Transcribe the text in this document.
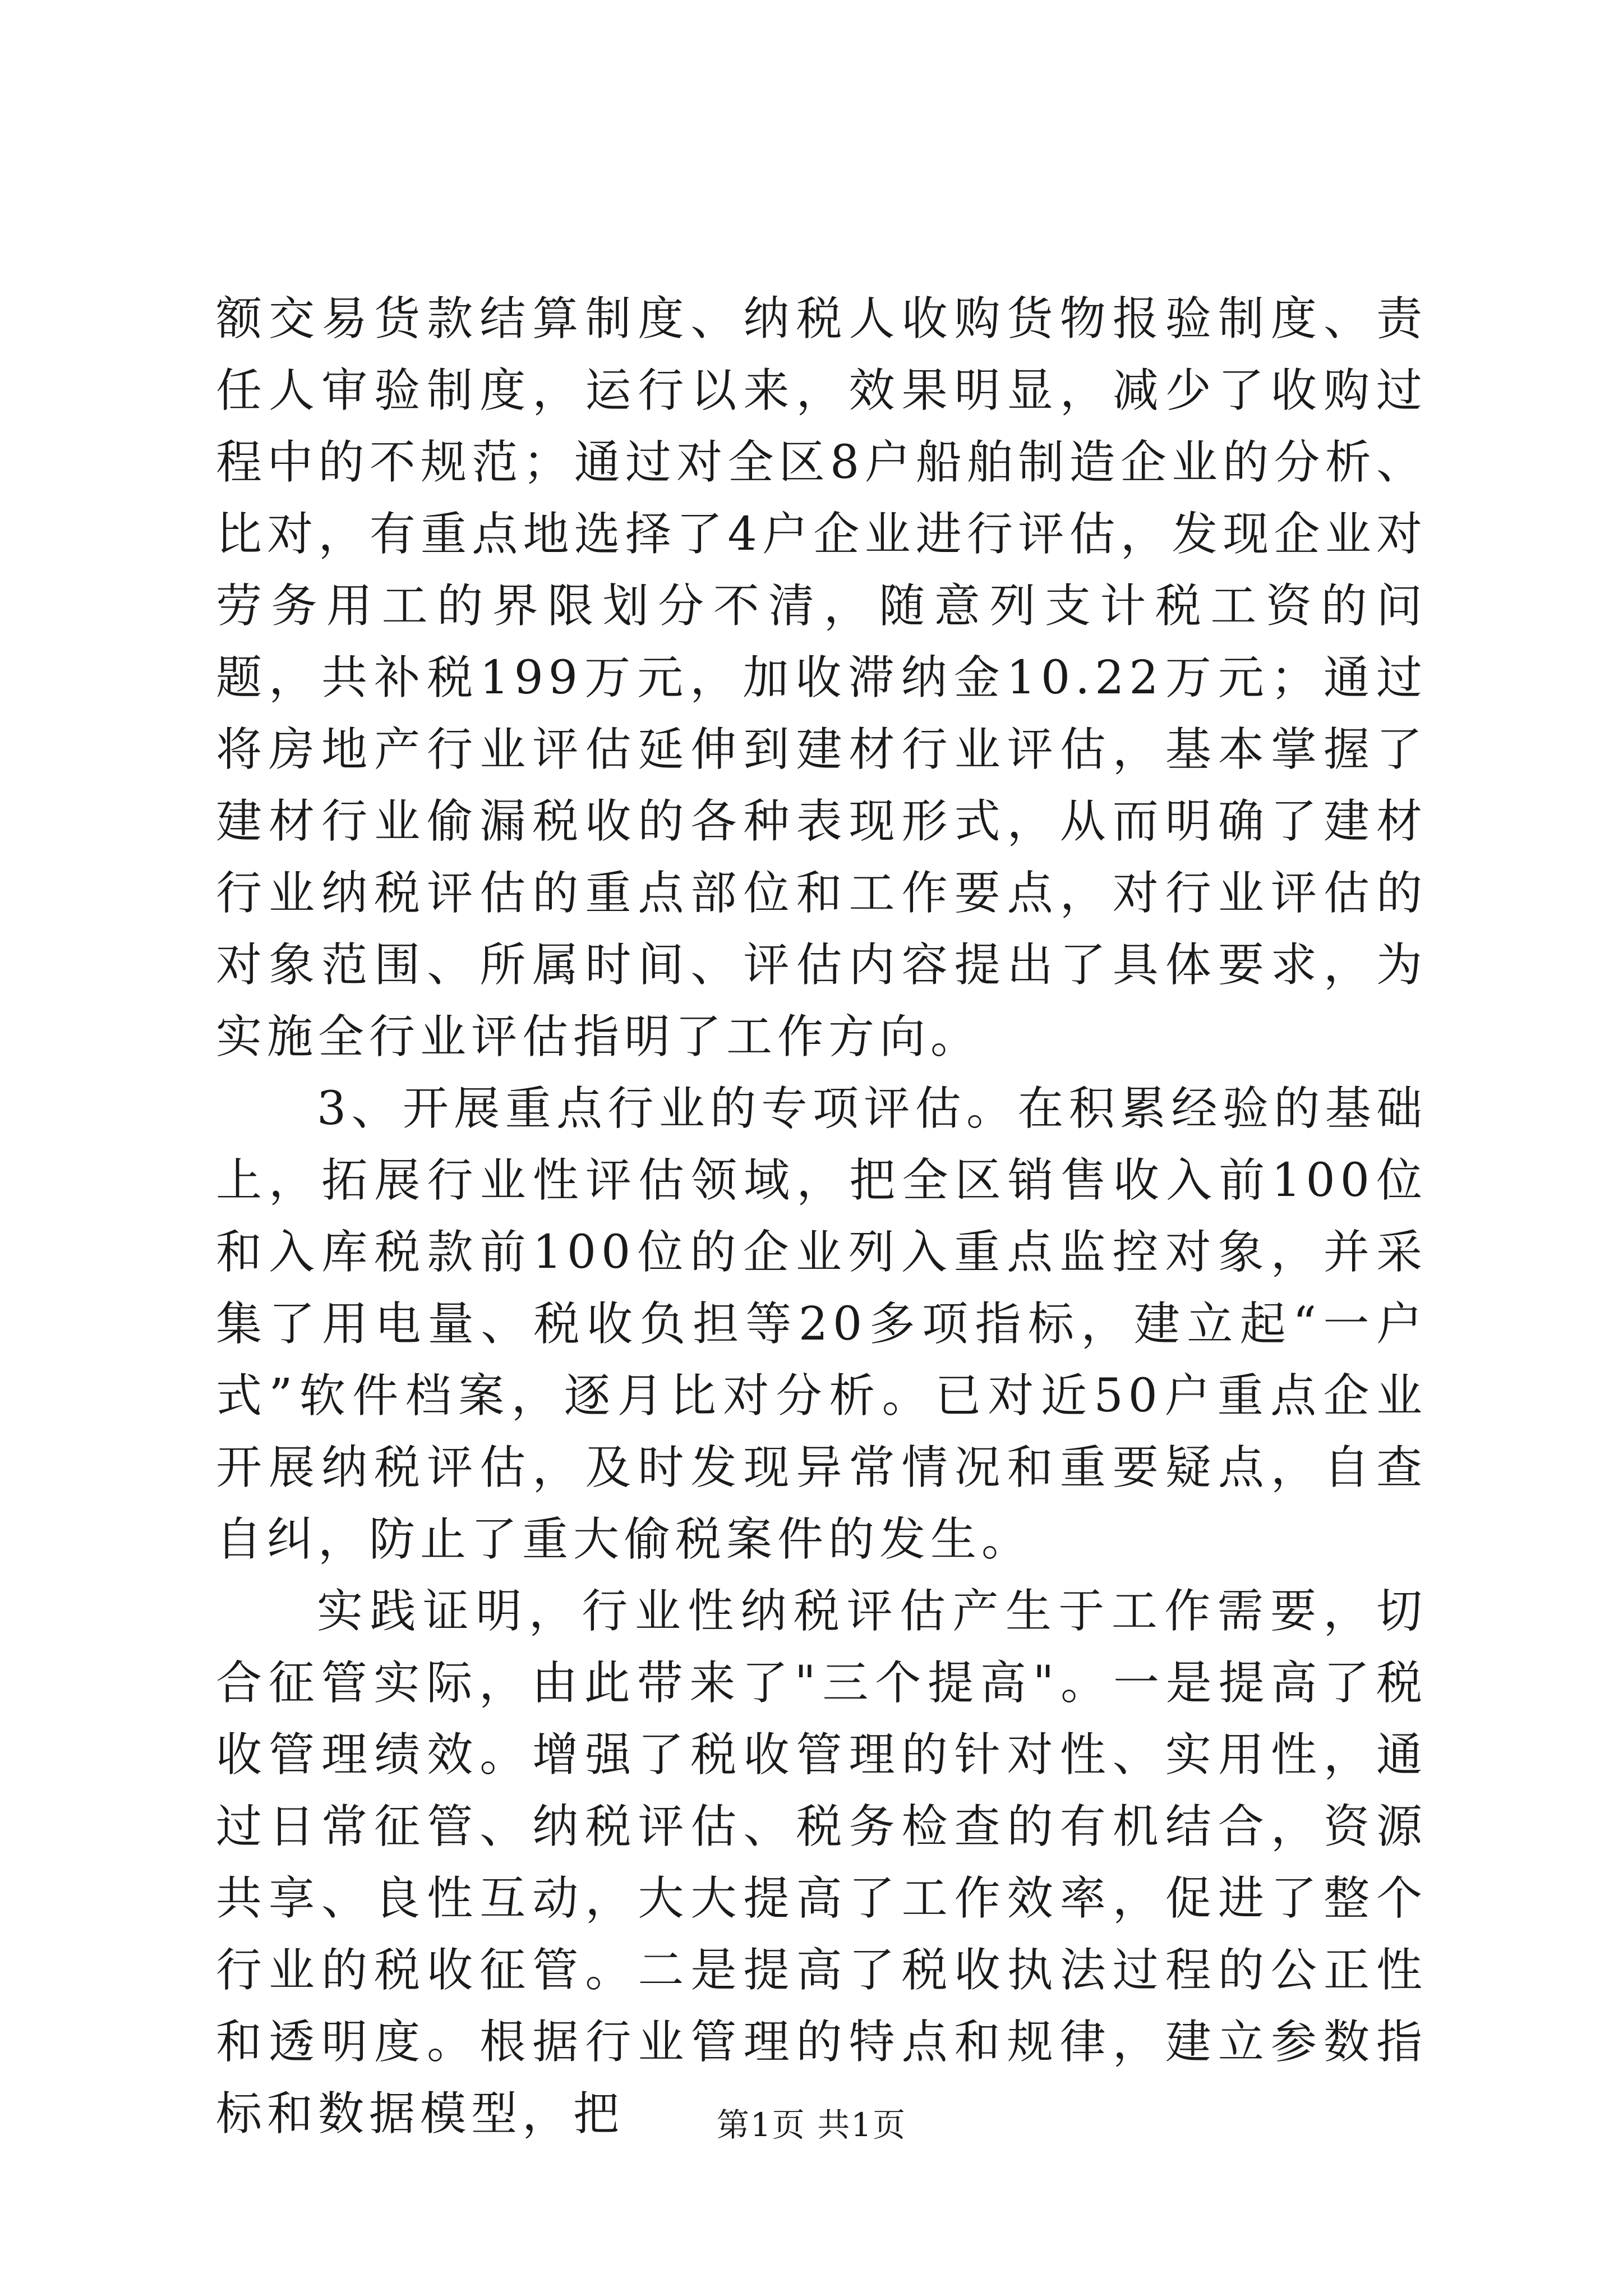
额交易货款结算制度、纳税人收购货物报验制度、责任人审验制度，运行以来，效果明显，减少了收购过程中的不规范；通过对全区8户船舶制造企业的分析、比对，有重点地选择了4户企业进行评估，发现企业对劳务用工的界限划分不清，随意列支计税工资的问题，共补税199万元，加收滞纳金10.22万元；通过将房地产行业评估延伸到建材行业评估，基本掌握了建材行业偷漏税收的各种表现形式，从而明确了建材行业纳税评估的重点部位和工作要点，对行业评估的对象范围、所属时间、评估内容提出了具体要求，为实施全行业评估指明了工作方向。

3、开展重点行业的专项评估。在积累经验的基础上，拓展行业性评估领域，把全区销售收入前100位和入库税款前100位的企业列入重点监控对象，并采集了用电量、税收负担等20多项指标，建立起“一户式”软件档案，逐月比对分析。已对近50户重点企业开展纳税评估，及时发现异常情况和重要疑点，自查自纠，防止了重大偷税案件的发生。

实践证明，行业性纳税评估产生于工作需要，切合征管实际，由此带来了"三个提高"。一是提高了税收管理绩效。增强了税收管理的针对性、实用性，通过日常征管、纳税评估、税务检查的有机结合，资源共享、良性互动，大大提高了工作效率，促进了整个行业的税收征管。二是提高了税收执法过程的公正性和透明度。根据行业管理的特点和规律，建立参数指标和数据模型，把	第1页 共1页
